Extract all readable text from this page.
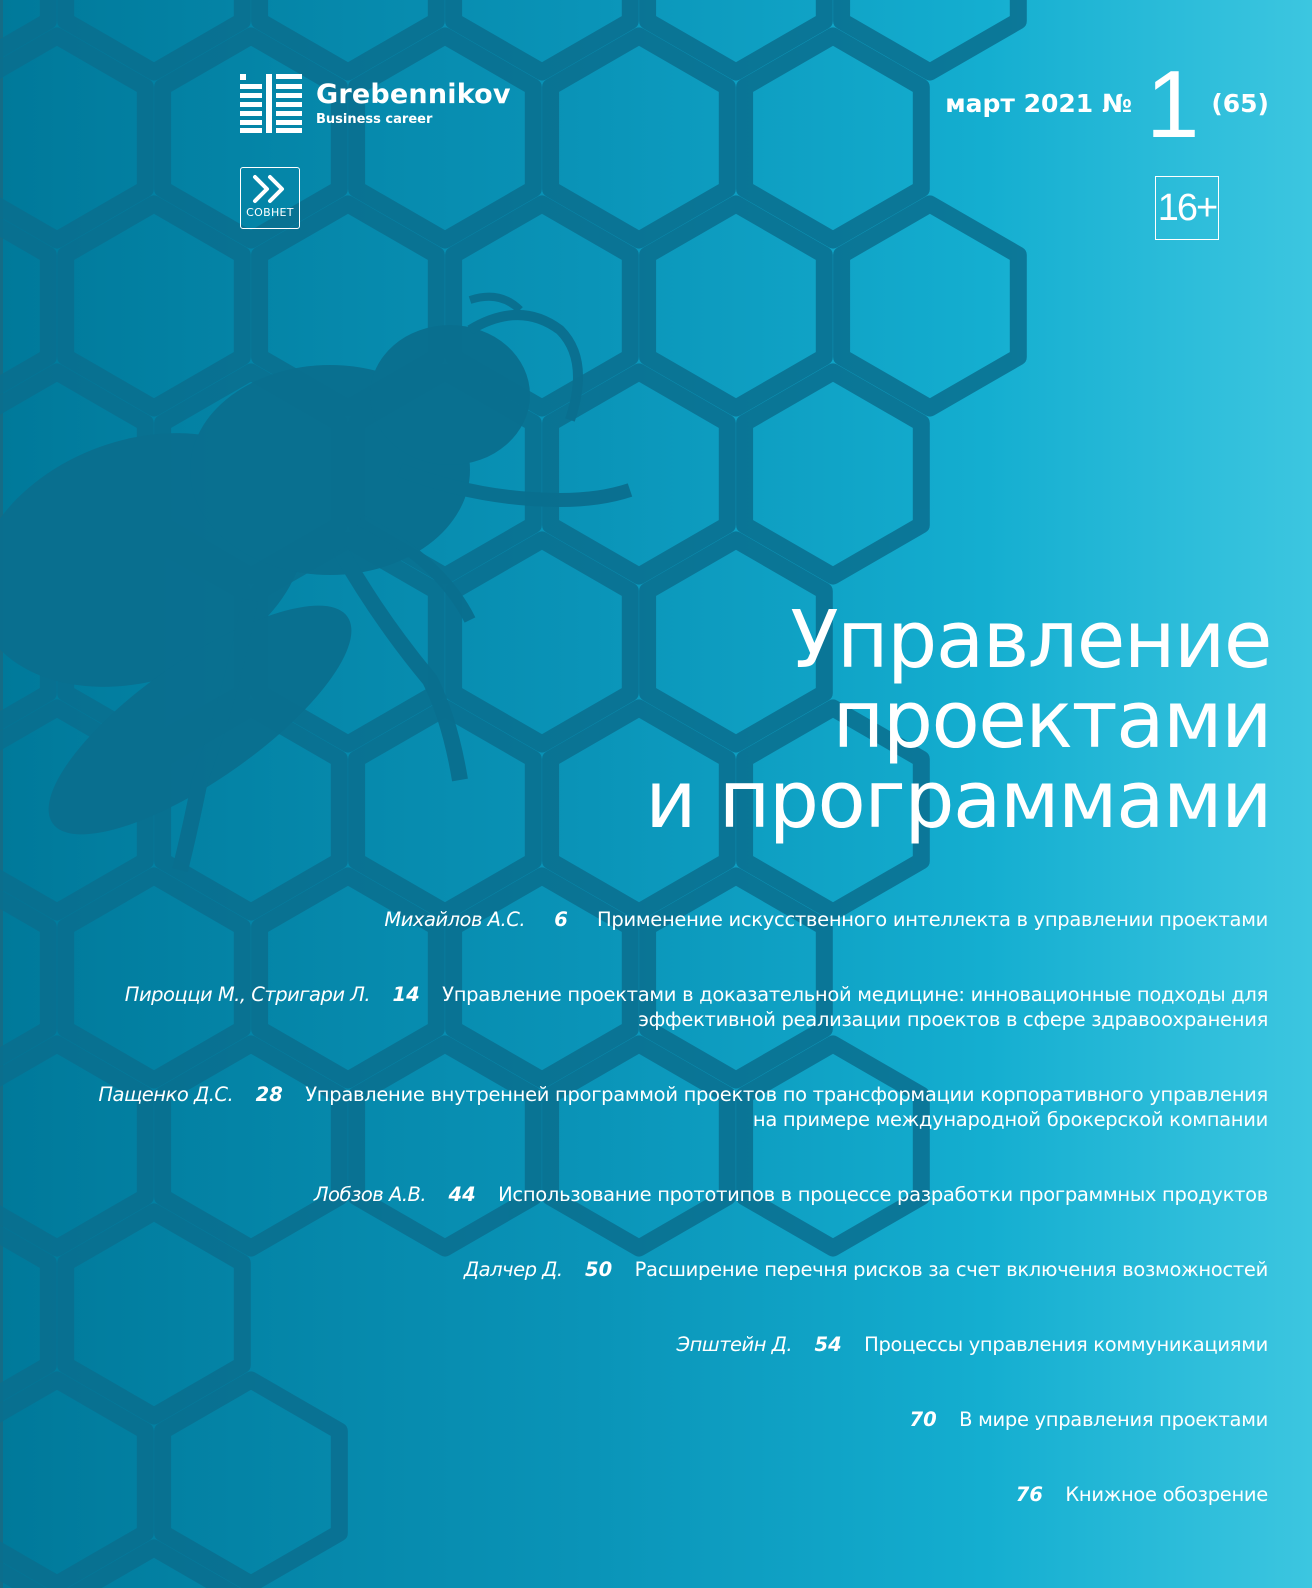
Grebennikov
Business career
СОВНЕТ
март 2021 № 1 (65)
16+
Управление
проектами
и программами
Михайлов А.С.	6	Применение искусственного интеллекта в управлении проектами
Пироцци М., Стригари Л.	14	Управление проектами в доказательной медицине: инновационные подходы для
эффективной реализации проектов в сфере здравоохранения
Пащенко Д.С.	28	Управление внутренней программой проектов по трансформации корпоративного управления
на примере международной брокерской компании
Лобзов А.В.	44	Использование прототипов в процессе разработки программных продуктов
Далчер Д.	50	Расширение перечня рисков за счет включения возможностей
Эпштейн Д.	54	Процессы управления коммуникациями
70	В мире управления проектами
76	Книжное обозрение
